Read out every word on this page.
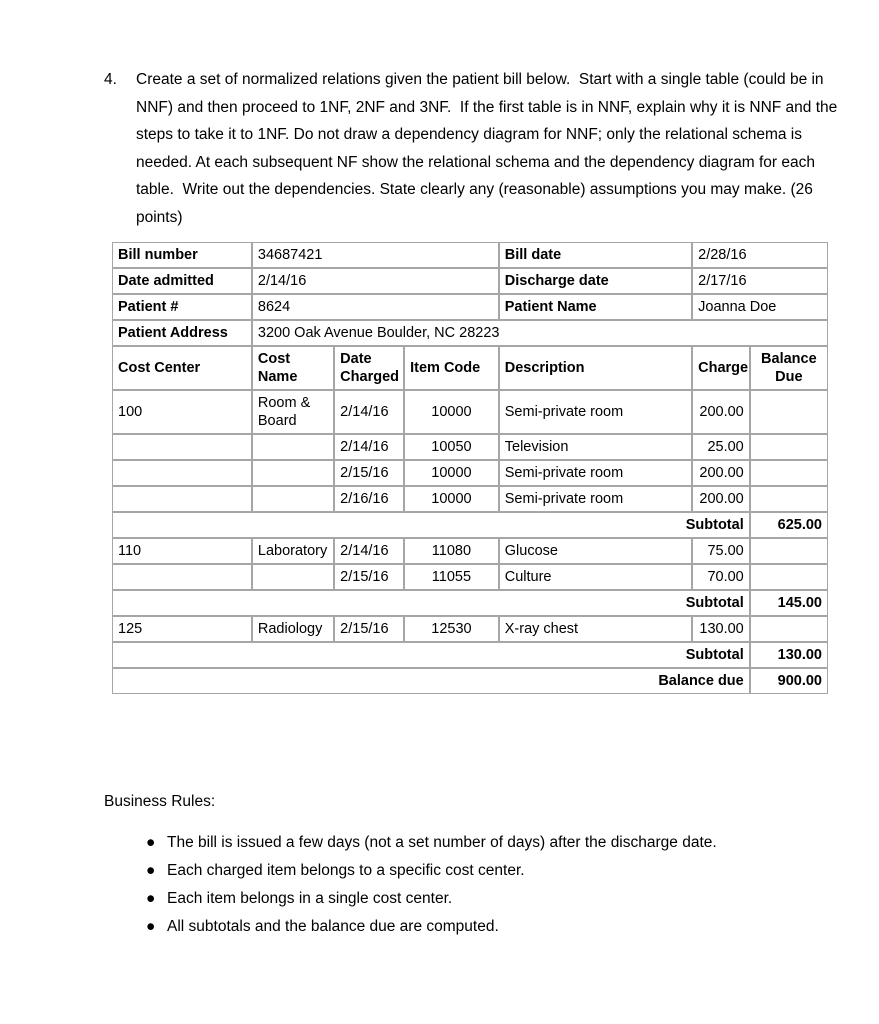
4.	Create a set of normalized relations given the patient bill below.  Start with a single table (could be in NNF) and then proceed to 1NF, 2NF and 3NF.  If the first table is in NNF, explain why it is NNF and the steps to take it to 1NF. Do not draw a dependency diagram for NNF; only the relational schema is needed. At each subsequent NF show the relational schema and the dependency diagram for each table.  Write out the dependencies. State clearly any (reasonable) assumptions you may make. (26 points)
Bill number	34687421			Bill date	2/28/16	
Date admitted	2/14/16			Discharge date	2/17/16	
Patient #	8624			Patient Name	Joanna Doe	
Patient Address	3200 Oak Avenue Boulder, NC 28223					
Cost Center	Cost Name	Date Charged	Item Code	Description	Charge	Balance Due
100	Room & Board	2/14/16	10000	Semi-private room	200.00	
		2/14/16	10050	Television	25.00	
		2/15/16	10000	Semi-private room	200.00	
		2/16/16	10000	Semi-private room	200.00	
Subtotal						625.00
110	Laboratory	2/14/16	11080	Glucose	75.00	
		2/15/16	11055	Culture	70.00	
Subtotal						145.00
125	Radiology	2/15/16	12530	X-ray chest	130.00	
Subtotal						130.00
Balance due						900.00
Business Rules:
● The bill is issued a few days (not a set number of days) after the discharge date.
● Each charged item belongs to a specific cost center.
● Each item belongs in a single cost center.
● All subtotals and the balance due are computed.
